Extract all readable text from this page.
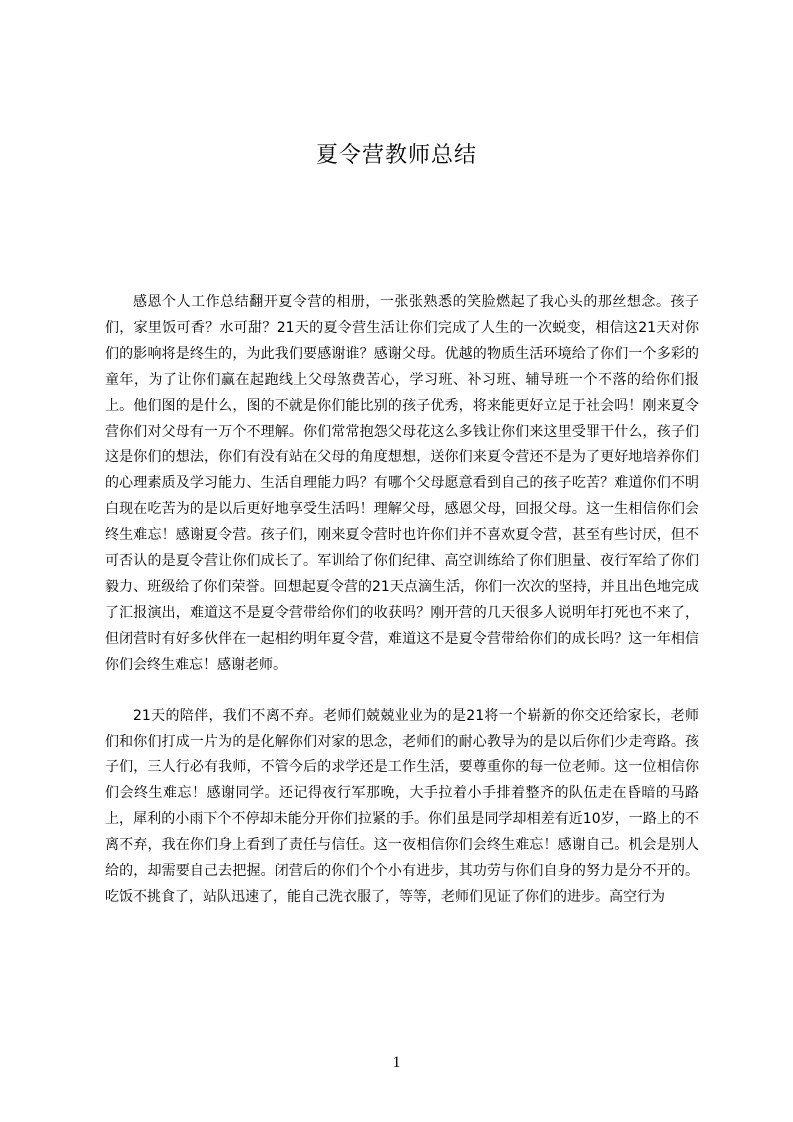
夏令营教师总结

感恩个人工作总结翻开夏令营的相册，一张张熟悉的笑脸燃起了我心头的那丝想念。孩子们，家里饭可香？水可甜？21天的夏令营生活让你们完成了人生的一次蜕变，相信这21天对你们的影响将是终生的，为此我们要感谢谁？感谢父母。优越的物质生活环境给了你们一个多彩的童年，为了让你们赢在起跑线上父母煞费苦心，学习班、补习班、辅导班一个不落的给你们报上。他们图的是什么，图的不就是你们能比别的孩子优秀，将来能更好立足于社会吗！刚来夏令营你们对父母有一万个不理解。你们常常抱怨父母花这么多钱让你们来这里受罪干什么，孩子们这是你们的想法，你们有没有站在父母的角度想想，送你们来夏令营还不是为了更好地培养你们的心理素质及学习能力、生活自理能力吗？有哪个父母愿意看到自己的孩子吃苦？难道你们不明白现在吃苦为的是以后更好地享受生活吗！理解父母，感恩父母，回报父母。这一生相信你们会终生难忘！感谢夏令营。孩子们，刚来夏令营时也许你们并不喜欢夏令营，甚至有些讨厌，但不可否认的是夏令营让你们成长了。军训给了你们纪律、高空训练给了你们胆量、夜行军给了你们毅力、班级给了你们荣誉。回想起夏令营的21天点滴生活，你们一次次的坚持，并且出色地完成了汇报演出，难道这不是夏令营带给你们的收获吗？刚开营的几天很多人说明年打死也不来了，但闭营时有好多伙伴在一起相约明年夏令营，难道这不是夏令营带给你们的成长吗？这一年相信你们会终生难忘！感谢老师。

21天的陪伴，我们不离不弃。老师们兢兢业业为的是21将一个崭新的你交还给家长，老师们和你们打成一片为的是化解你们对家的思念，老师们的耐心教导为的是以后你们少走弯路。孩子们，三人行必有我师，不管今后的求学还是工作生活，要尊重你的每一位老师。这一位相信你们会终生难忘！感谢同学。还记得夜行军那晚，大手拉着小手排着整齐的队伍走在昏暗的马路上，犀利的小雨下个不停却未能分开你们拉紧的手。你们虽是同学却相差有近10岁，一路上的不离不弃，我在你们身上看到了责任与信任。这一夜相信你们会终生难忘！感谢自己。机会是别人给的，却需要自己去把握。闭营后的你们个个小有进步，其功劳与你们自身的努力是分不开的。吃饭不挑食了，站队迅速了，能自己洗衣服了，等等，老师们见证了你们的进步。高空行为

1
